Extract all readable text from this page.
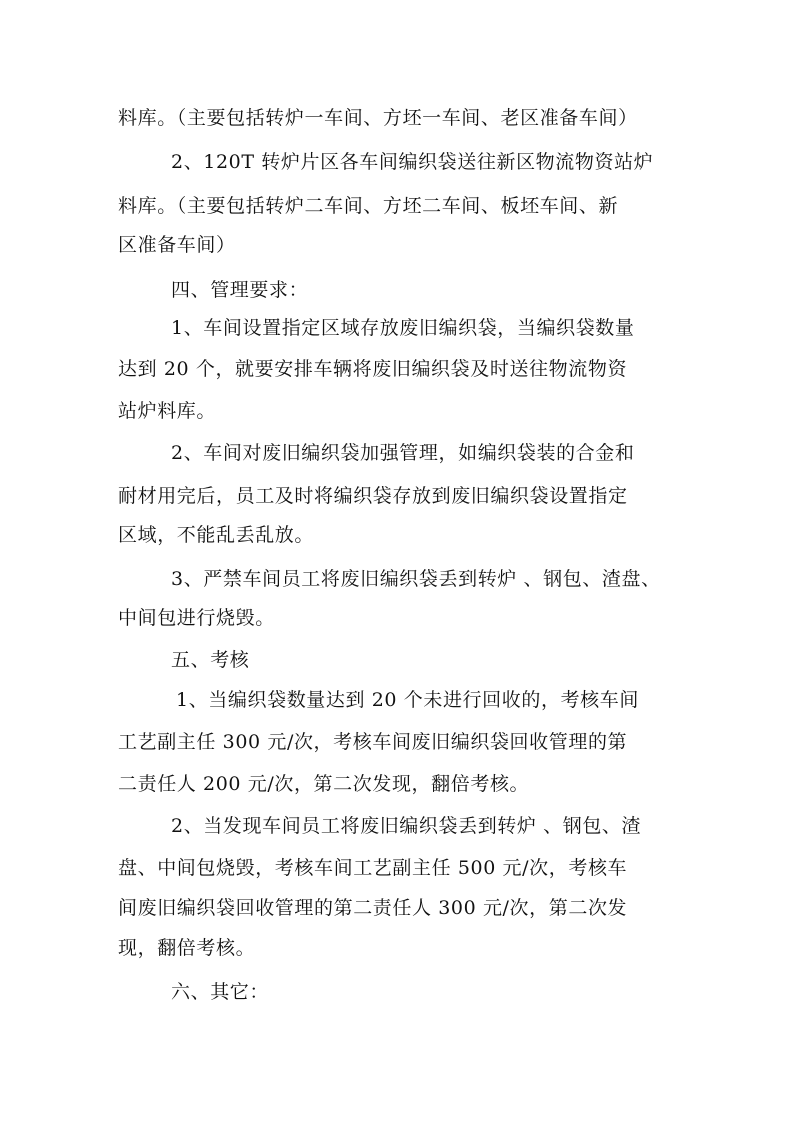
料库。（主要包括转炉一车间、方坯一车间、老区准备车间）
2、120T 转炉片区各车间编织袋送往新区物流物资站炉
料库。（主要包括转炉二车间、方坯二车间、板坯车间、新
区准备车间）
四、管理要求：
1、车间设置指定区域存放废旧编织袋，当编织袋数量
达到 20 个，就要安排车辆将废旧编织袋及时送往物流物资
站炉料库。
2、车间对废旧编织袋加强管理，如编织袋装的合金和
耐材用完后，员工及时将编织袋存放到废旧编织袋设置指定
区域，不能乱丢乱放。
3、严禁车间员工将废旧编织袋丢到转炉 、钢包、渣盘、
中间包进行烧毁。
五、考核
1、当编织袋数量达到 20 个未进行回收的，考核车间
工艺副主任 300 元/次，考核车间废旧编织袋回收管理的第
二责任人 200 元/次，第二次发现，翻倍考核。
2、当发现车间员工将废旧编织袋丢到转炉 、钢包、渣
盘、中间包烧毁，考核车间工艺副主任 500 元/次，考核车
间废旧编织袋回收管理的第二责任人 300 元/次，第二次发
现，翻倍考核。
六、其它：
